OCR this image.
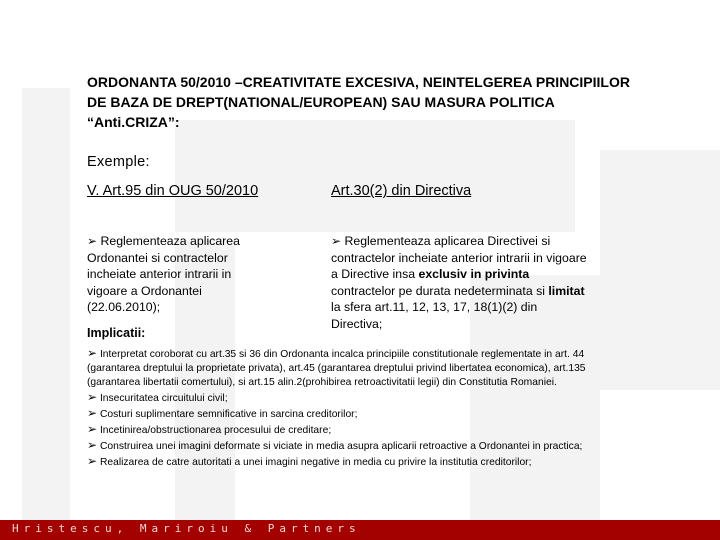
ORDONANTA 50/2010 –CREATIVITATE EXCESIVA, NEINTELGEREA PRINCIPIILOR DE BAZA DE DREPT(NATIONAL/EUROPEAN) SAU MASURA POLITICA “Anti.CRIZA”:
Exemple:
V. Art.95 din OUG 50/2010	Art.30(2) din Directiva
➢ Reglementeaza aplicarea Ordonantei si contractelor incheiate anterior intrarii in vigoare a Ordonantei (22.06.2010);
➢ Reglementeaza aplicarea Directivei si contractelor incheiate anterior intrarii in vigoare a Directive insa exclusiv in privinta contractelor pe durata nedeterminata si limitat la sfera art.11, 12, 13, 17, 18(1)(2) din Directiva;
Implicatii:

➢ Interpretat coroborat cu art.35 si 36 din Ordonanta incalca principiile constitutionale reglementate in art. 44 (garantarea dreptului la proprietate privata), art.45 (garantarea dreptului privind libertatea economica), art.135 (garantarea libertatii comertului), si art.15 alin.2(prohibirea retroactivitatii legii) din Constitutia Romaniei.

➢ Insecuritatea circuitului civil;

➢ Costuri suplimentare semnificative in sarcina creditorilor;

➢ Incetinirea/obstructionarea procesului de creditare;

➢ Construirea unei imagini deformate si viciate in media asupra aplicarii retroactive a Ordonantei in practica;

➢ Realizarea de catre autoritati a unei imagini negative in media cu privire la institutia creditorilor;

Hristescu, Mariroiu & Partners
